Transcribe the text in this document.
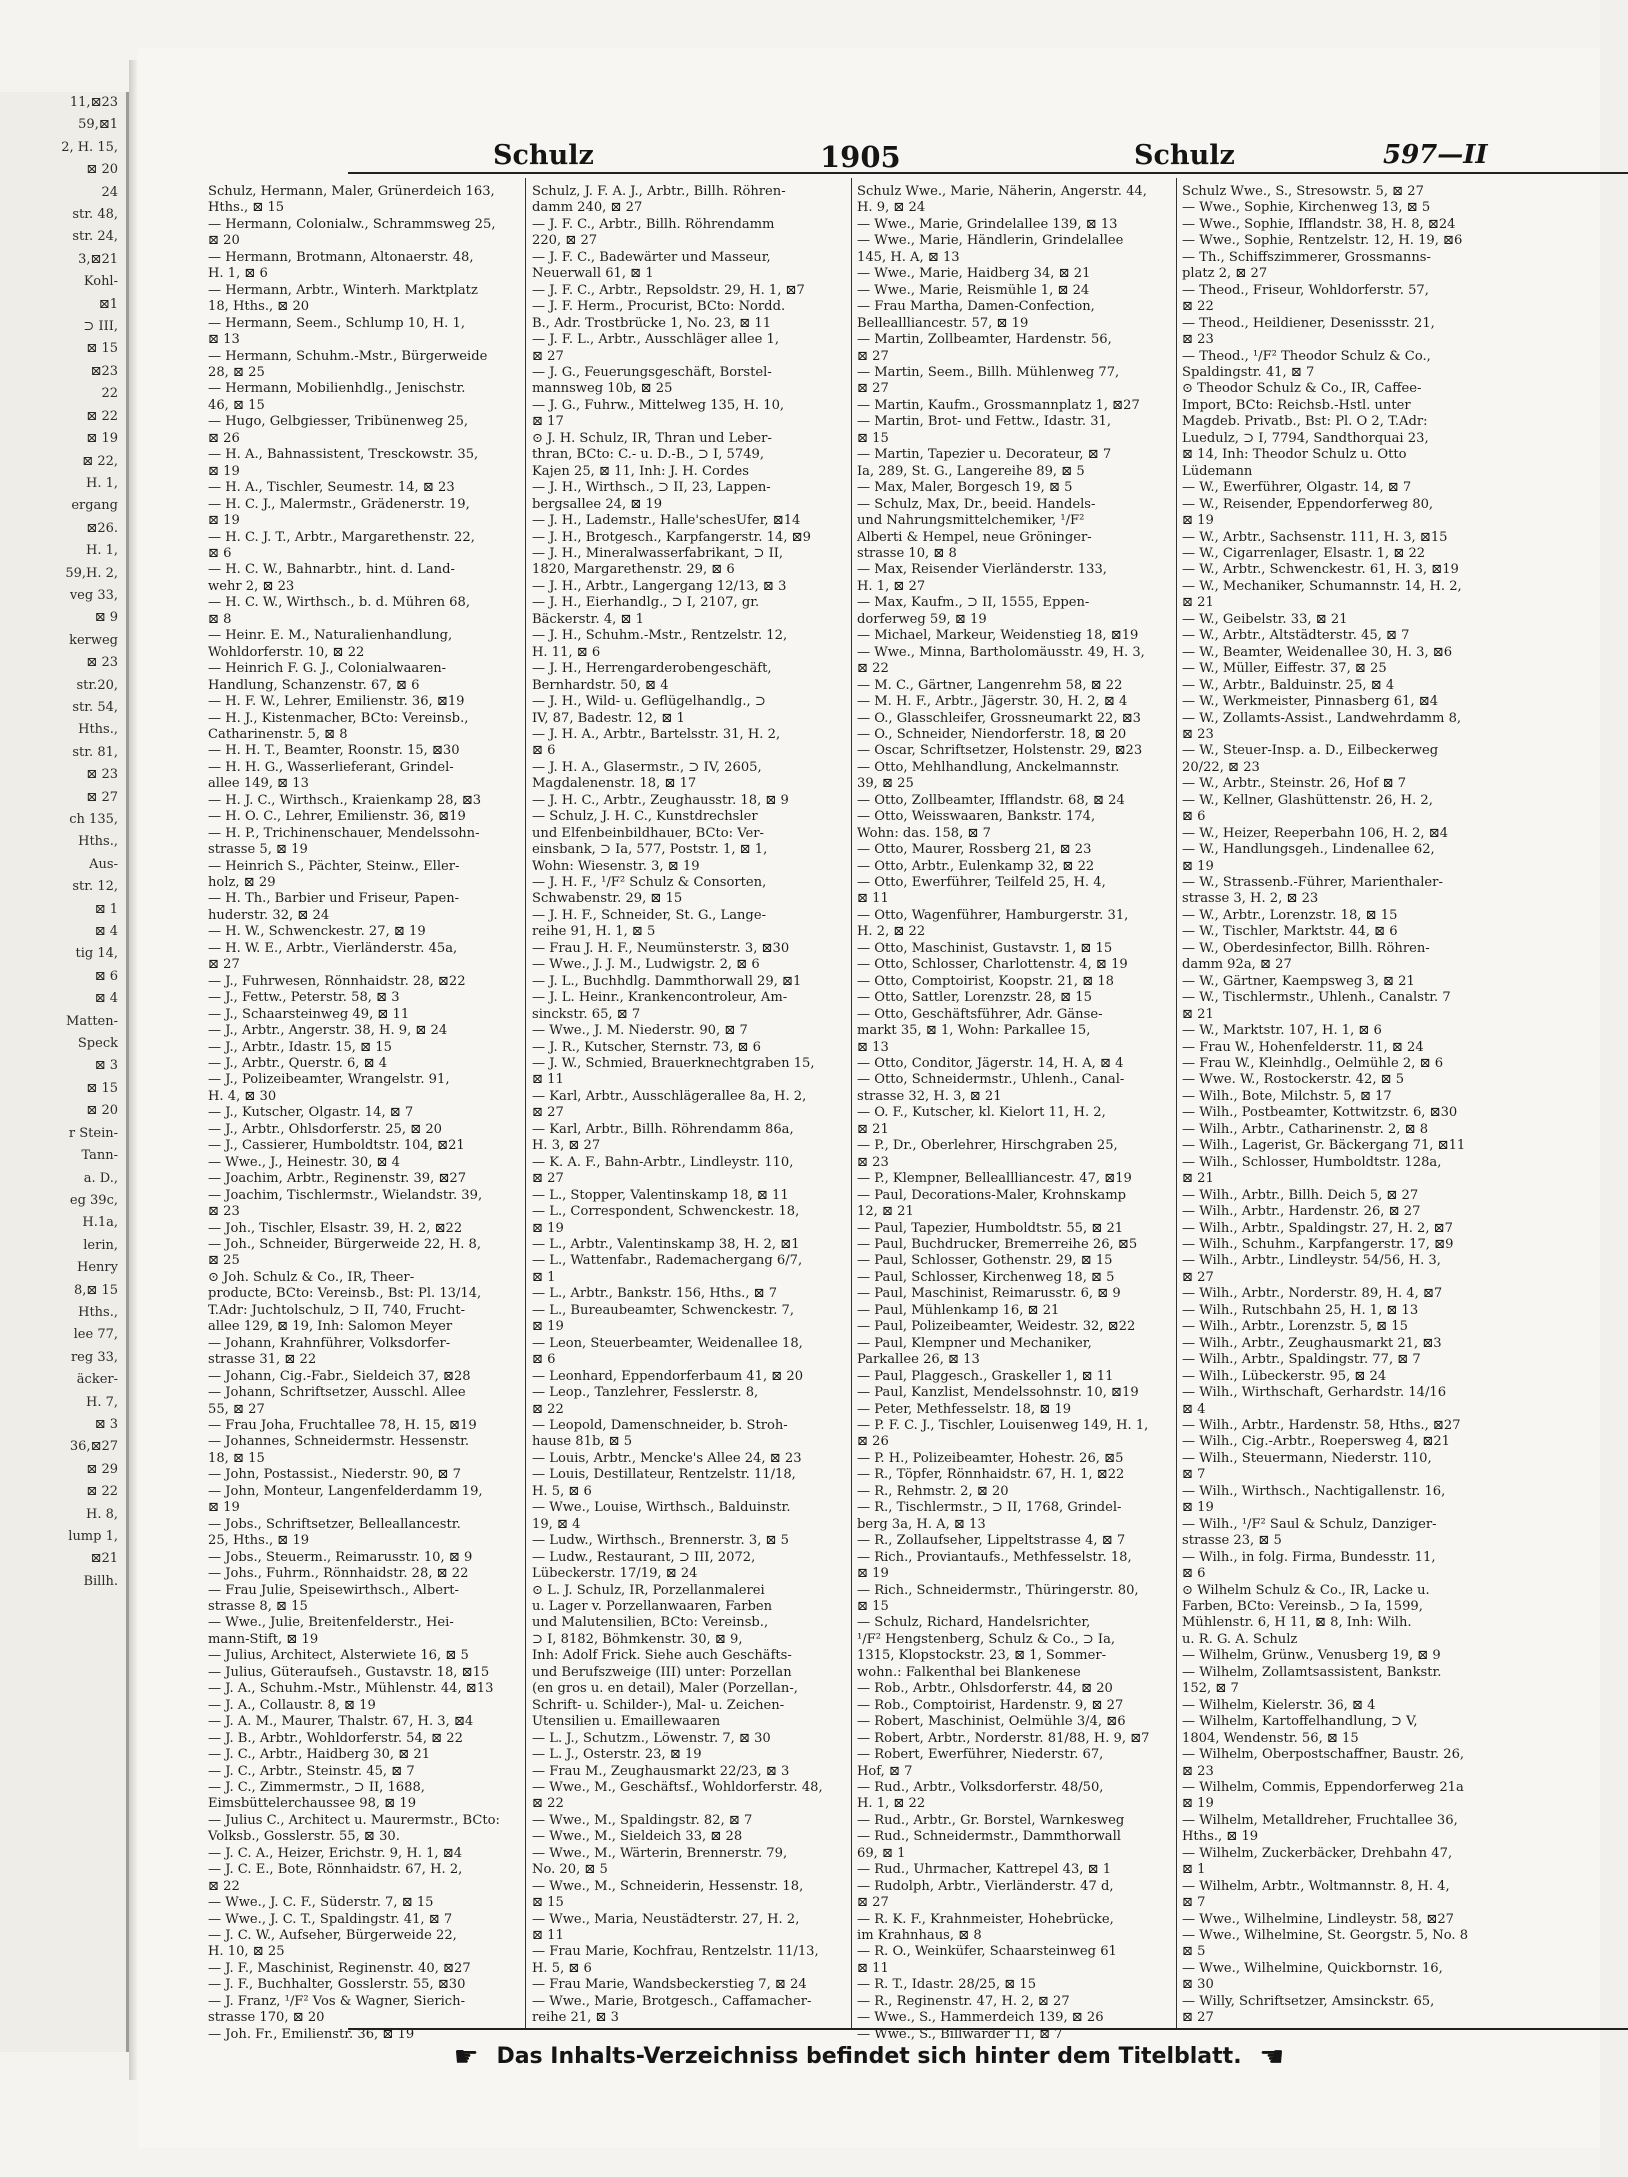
11,⊠23
59,⊠1
2, H. 15,
⊠ 20
24
str. 48,
str. 24,
3,⊠21
Kohl-
⊠1
⊃ III,
⊠ 15
⊠23
22
⊠ 22
⊠ 19
⊠ 22,
H. 1,
ergang
⊠26.
H. 1,
59,H. 2,
veg 33,
⊠ 9
kerweg
⊠ 23
str.20,
str. 54,
Hths.,
str. 81,
⊠ 23
⊠ 27
ch 135,
Hths.,
Aus-
str. 12,
⊠ 1
⊠ 4
tig 14,
⊠ 6
⊠ 4
Matten-
Speck
⊠ 3
⊠ 15
⊠ 20
r Stein-
Tann-
a. D.,
eg 39c,
H.1a,
lerin,
Henry
8,⊠ 15
Hths.,
lee 77,
reg 33,
äcker-
H. 7,
⊠ 3
36,⊠27
⊠ 29
⊠ 22
H. 8,
lump 1,
⊠21
Billh.
Schulz	1905	Schulz	597—II
Schulz, Hermann, Maler, Grünerdeich 163,
Hths., ⊠ 15
— Hermann, Colonialw., Schrammsweg 25,
⊠ 20
— Hermann, Brotmann, Altonaerstr. 48,
H. 1, ⊠ 6
— Hermann, Arbtr., Winterh. Marktplatz
18, Hths., ⊠ 20
— Hermann, Seem., Schlump 10, H. 1,
⊠ 13
— Hermann, Schuhm.-Mstr., Bürgerweide
28, ⊠ 25
— Hermann, Mobilienhdlg., Jenischstr.
46, ⊠ 15
— Hugo, Gelbgiesser, Tribünenweg 25,
⊠ 26
— H. A., Bahnassistent, Tresckowstr. 35,
⊠ 19
— H. A., Tischler, Seumestr. 14, ⊠ 23
— H. C. J., Malermstr., Grädenerstr. 19,
⊠ 19
— H. C. J. T., Arbtr., Margarethenstr. 22,
⊠ 6
— H. C. W., Bahnarbtr., hint. d. Land-
wehr 2, ⊠ 23
— H. C. W., Wirthsch., b. d. Mühren 68,
⊠ 8
— Heinr. E. M., Naturalienhandlung,
Wohldorferstr. 10, ⊠ 22
— Heinrich F. G. J., Colonialwaaren-
Handlung, Schanzenstr. 67, ⊠ 6
— H. F. W., Lehrer, Emilienstr. 36, ⊠19
— H. J., Kistenmacher, BCto: Vereinsb.,
Catharinenstr. 5, ⊠ 8
— H. H. T., Beamter, Roonstr. 15, ⊠30
— H. H. G., Wasserlieferant, Grindel-
allee 149, ⊠ 13
— H. J. C., Wirthsch., Kraienkamp 28, ⊠3
— H. O. C., Lehrer, Emilienstr. 36, ⊠19
— H. P., Trichinenschauer, Mendelssohn-
strasse 5, ⊠ 19
— Heinrich S., Pächter, Steinw., Eller-
holz, ⊠ 29
— H. Th., Barbier und Friseur, Papen-
huderstr. 32, ⊠ 24
— H. W., Schwenckestr. 27, ⊠ 19
— H. W. E., Arbtr., Vierländerstr. 45a,
⊠ 27
— J., Fuhrwesen, Rönnhaidstr. 28, ⊠22
— J., Fettw., Peterstr. 58, ⊠ 3
— J., Schaarsteinweg 49, ⊠ 11
— J., Arbtr., Angerstr. 38, H. 9, ⊠ 24
— J., Arbtr., Idastr. 15, ⊠ 15
— J., Arbtr., Querstr. 6, ⊠ 4
— J., Polizeibeamter, Wrangelstr. 91,
H. 4, ⊠ 30
— J., Kutscher, Olgastr. 14, ⊠ 7
— J., Arbtr., Ohlsdorferstr. 25, ⊠ 20
— J., Cassierer, Humboldtstr. 104, ⊠21
— Wwe., J., Heinestr. 30, ⊠ 4
— Joachim, Arbtr., Reginenstr. 39, ⊠27
— Joachim, Tischlermstr., Wielandstr. 39,
⊠ 23
— Joh., Tischler, Elsastr. 39, H. 2, ⊠22
— Joh., Schneider, Bürgerweide 22, H. 8,
⊠ 25
⊙ Joh. Schulz & Co., IR, Theer-
producte, BCto: Vereinsb., Bst: Pl. 13/14,
T.Adr: Juchtolschulz, ⊃ II, 740, Frucht-
allee 129, ⊠ 19, Inh: Salomon Meyer
— Johann, Krahnführer, Volksdorfer-
strasse 31, ⊠ 22
— Johann, Cig.-Fabr., Sieldeich 37, ⊠28
— Johann, Schriftsetzer, Ausschl. Allee
55, ⊠ 27
— Frau Joha, Fruchtallee 78, H. 15, ⊠19
— Johannes, Schneidermstr. Hessenstr.
18, ⊠ 15
— John, Postassist., Niederstr. 90, ⊠ 7
— John, Monteur, Langenfelderdamm 19,
⊠ 19
— Jobs., Schriftsetzer, Belleallancestr.
25, Hths., ⊠ 19
— Jobs., Steuerm., Reimarusstr. 10, ⊠ 9
— Johs., Fuhrm., Rönnhaidstr. 28, ⊠ 22
— Frau Julie, Speisewirthsch., Albert-
strasse 8, ⊠ 15
— Wwe., Julie, Breitenfelderstr., Hei-
mann-Stift, ⊠ 19
— Julius, Architect, Alsterwiete 16, ⊠ 5
— Julius, Güteraufseh., Gustavstr. 18, ⊠15
— J. A., Schuhm.-Mstr., Mühlenstr. 44, ⊠13
— J. A., Collaustr. 8, ⊠ 19
— J. A. M., Maurer, Thalstr. 67, H. 3, ⊠4
— J. B., Arbtr., Wohldorferstr. 54, ⊠ 22
— J. C., Arbtr., Haidberg 30, ⊠ 21
— J. C., Arbtr., Steinstr. 45, ⊠ 7
— J. C., Zimmermstr., ⊃ II, 1688,
Eimsbüttelerchaussee 98, ⊠ 19
— Julius C., Architect u. Maurermstr., BCto:
Volksb., Gosslerstr. 55, ⊠ 30.
— J. C. A., Heizer, Erichstr. 9, H. 1, ⊠4
— J. C. E., Bote, Rönnhaidstr. 67, H. 2,
⊠ 22
— Wwe., J. C. F., Süderstr. 7, ⊠ 15
— Wwe., J. C. T., Spaldingstr. 41, ⊠ 7
— J. C. W., Aufseher, Bürgerweide 22,
H. 10, ⊠ 25
— J. F., Maschinist, Reginenstr. 40, ⊠27
— J. F., Buchhalter, Gosslerstr. 55, ⊠30
— J. Franz, ¹/F² Vos & Wagner, Sierich-
strasse 170, ⊠ 20
— Joh. Fr., Emilienstr. 36, ⊠ 19
Schulz, J. F. A. J., Arbtr., Billh. Röhren-
damm 240, ⊠ 27
— J. F. C., Arbtr., Billh. Röhrendamm
220, ⊠ 27
— J. F. C., Badewärter und Masseur,
Neuerwall 61, ⊠ 1
— J. F. C., Arbtr., Repsoldstr. 29, H. 1, ⊠7
— J. F. Herm., Procurist, BCto: Nordd.
B., Adr. Trostbrücke 1, No. 23, ⊠ 11
— J. F. L., Arbtr., Ausschläger allee 1,
⊠ 27
— J. G., Feuerungsgeschäft, Borstel-
mannsweg 10b, ⊠ 25
— J. G., Fuhrw., Mittelweg 135, H. 10,
⊠ 17
⊙ J. H. Schulz, IR, Thran und Leber-
thran, BCto: C.- u. D.-B., ⊃ I, 5749,
Kajen 25, ⊠ 11, Inh: J. H. Cordes
— J. H., Wirthsch., ⊃ II, 23, Lappen-
bergsallee 24, ⊠ 19
— J. H., Lademstr., Halle'schesUfer, ⊠14
— J. H., Brotgesch., Karpfangerstr. 14, ⊠9
— J. H., Mineralwasserfabrikant, ⊃ II,
1820, Margarethenstr. 29, ⊠ 6
— J. H., Arbtr., Langergang 12/13, ⊠ 3
— J. H., Eierhandlg., ⊃ I, 2107, gr.
Bäckerstr. 4, ⊠ 1
— J. H., Schuhm.-Mstr., Rentzelstr. 12,
H. 11, ⊠ 6
— J. H., Herrengarderobengeschäft,
Bernhardstr. 50, ⊠ 4
— J. H., Wild- u. Geflügelhandlg., ⊃
IV, 87, Badestr. 12, ⊠ 1
— J. H. A., Arbtr., Bartelsstr. 31, H. 2,
⊠ 6
— J. H. A., Glasermstr., ⊃ IV, 2605,
Magdalenenstr. 18, ⊠ 17
— J. H. C., Arbtr., Zeughausstr. 18, ⊠ 9
— Schulz, J. H. C., Kunstdrechsler
und Elfenbeinbildhauer, BCto: Ver-
einsbank, ⊃ Ia, 577, Poststr. 1, ⊠ 1,
Wohn: Wiesenstr. 3, ⊠ 19
— J. H. F., ¹/F² Schulz & Consorten,
Schwabenstr. 29, ⊠ 15
— J. H. F., Schneider, St. G., Lange-
reihe 91, H. 1, ⊠ 5
— Frau J. H. F., Neumünsterstr. 3, ⊠30
— Wwe., J. J. M., Ludwigstr. 2, ⊠ 6
— J. L., Buchhdlg. Dammthorwall 29, ⊠1
— J. L. Heinr., Krankencontroleur, Am-
sinckstr. 65, ⊠ 7
— Wwe., J. M. Niederstr. 90, ⊠ 7
— J. R., Kutscher, Sternstr. 73, ⊠ 6
— J. W., Schmied, Brauerknechtgraben 15,
⊠ 11
— Karl, Arbtr., Ausschlägerallee 8a, H. 2,
⊠ 27
— Karl, Arbtr., Billh. Röhrendamm 86a,
H. 3, ⊠ 27
— K. A. F., Bahn-Arbtr., Lindleystr. 110,
⊠ 27
— L., Stopper, Valentinskamp 18, ⊠ 11
— L., Correspondent, Schwenckestr. 18,
⊠ 19
— L., Arbtr., Valentinskamp 38, H. 2, ⊠1
— L., Wattenfabr., Rademachergang 6/7,
⊠ 1
— L., Arbtr., Bankstr. 156, Hths., ⊠ 7
— L., Bureaubeamter, Schwenckestr. 7,
⊠ 19
— Leon, Steuerbeamter, Weidenallee 18,
⊠ 6
— Leonhard, Eppendorferbaum 41, ⊠ 20
— Leop., Tanzlehrer, Fesslerstr. 8,
⊠ 22
— Leopold, Damenschneider, b. Stroh-
hause 81b, ⊠ 5
— Louis, Arbtr., Mencke's Allee 24, ⊠ 23
— Louis, Destillateur, Rentzelstr. 11/18,
H. 5, ⊠ 6
— Wwe., Louise, Wirthsch., Balduinstr.
19, ⊠ 4
— Ludw., Wirthsch., Brennerstr. 3, ⊠ 5
— Ludw., Restaurant, ⊃ III, 2072,
Lübeckerstr. 17/19, ⊠ 24
⊙ L. J. Schulz, IR, Porzellanmalerei
u. Lager v. Porzellanwaaren, Farben
und Malutensilien, BCto: Vereinsb.,
⊃ I, 8182, Böhmkenstr. 30, ⊠ 9,
Inh: Adolf Frick. Siehe auch Geschäfts-
und Berufszweige (III) unter: Porzellan
(en gros u. en detail), Maler (Porzellan-,
Schrift- u. Schilder-), Mal- u. Zeichen-
Utensilien u. Emaillewaaren
— L. J., Schutzm., Löwenstr. 7, ⊠ 30
— L. J., Osterstr. 23, ⊠ 19
— Frau M., Zeughausmarkt 22/23, ⊠ 3
— Wwe., M., Geschäftsf., Wohldorferstr. 48,
⊠ 22
— Wwe., M., Spaldingstr. 82, ⊠ 7
— Wwe., M., Sieldeich 33, ⊠ 28
— Wwe., M., Wärterin, Brennerstr. 79,
No. 20, ⊠ 5
— Wwe., M., Schneiderin, Hessenstr. 18,
⊠ 15
— Wwe., Maria, Neustädterstr. 27, H. 2,
⊠ 11
— Frau Marie, Kochfrau, Rentzelstr. 11/13,
H. 5, ⊠ 6
— Frau Marie, Wandsbeckerstieg 7, ⊠ 24
— Wwe., Marie, Brotgesch., Caffamacher-
reihe 21, ⊠ 3
Schulz Wwe., Marie, Näherin, Angerstr. 44,
H. 9, ⊠ 24
— Wwe., Marie, Grindelallee 139, ⊠ 13
— Wwe., Marie, Händlerin, Grindelallee
145, H. A, ⊠ 13
— Wwe., Marie, Haidberg 34, ⊠ 21
— Wwe., Marie, Reismühle 1, ⊠ 24
— Frau Martha, Damen-Confection,
Belleallliancestr. 57, ⊠ 19
— Martin, Zollbeamter, Hardenstr. 56,
⊠ 27
— Martin, Seem., Billh. Mühlenweg 77,
⊠ 27
— Martin, Kaufm., Grossmannplatz 1, ⊠27
— Martin, Brot- und Fettw., Idastr. 31,
⊠ 15
— Martin, Tapezier u. Decorateur, ⊠ 7
Ia, 289, St. G., Langereihe 89, ⊠ 5
— Max, Maler, Borgesch 19, ⊠ 5
— Schulz, Max, Dr., beeid. Handels-
und Nahrungsmittelchemiker, ¹/F²
Alberti & Hempel, neue Gröninger-
strasse 10, ⊠ 8
— Max, Reisender Vierländerstr. 133,
H. 1, ⊠ 27
— Max, Kaufm., ⊃ II, 1555, Eppen-
dorferweg 59, ⊠ 19
— Michael, Markeur, Weidenstieg 18, ⊠19
— Wwe., Minna, Bartholomäusstr. 49, H. 3,
⊠ 22
— M. C., Gärtner, Langenrehm 58, ⊠ 22
— M. H. F., Arbtr., Jägerstr. 30, H. 2, ⊠ 4
— O., Glasschleifer, Grossneumarkt 22, ⊠3
— O., Schneider, Niendorferstr. 18, ⊠ 20
— Oscar, Schriftsetzer, Holstenstr. 29, ⊠23
— Otto, Mehlhandlung, Anckelmannstr.
39, ⊠ 25
— Otto, Zollbeamter, Ifflandstr. 68, ⊠ 24
— Otto, Weisswaaren, Bankstr. 174,
Wohn: das. 158, ⊠ 7
— Otto, Maurer, Rossberg 21, ⊠ 23
— Otto, Arbtr., Eulenkamp 32, ⊠ 22
— Otto, Ewerführer, Teilfeld 25, H. 4,
⊠ 11
— Otto, Wagenführer, Hamburgerstr. 31,
H. 2, ⊠ 22
— Otto, Maschinist, Gustavstr. 1, ⊠ 15
— Otto, Schlosser, Charlottenstr. 4, ⊠ 19
— Otto, Comptoirist, Koopstr. 21, ⊠ 18
— Otto, Sattler, Lorenzstr. 28, ⊠ 15
— Otto, Geschäftsführer, Adr. Gänse-
markt 35, ⊠ 1, Wohn: Parkallee 15,
⊠ 13
— Otto, Conditor, Jägerstr. 14, H. A, ⊠ 4
— Otto, Schneidermstr., Uhlenh., Canal-
strasse 32, H. 3, ⊠ 21
— O. F., Kutscher, kl. Kielort 11, H. 2,
⊠ 21
— P., Dr., Oberlehrer, Hirschgraben 25,
⊠ 23
— P., Klempner, Belleallliancestr. 47, ⊠19
— Paul, Decorations-Maler, Krohnskamp
12, ⊠ 21
— Paul, Tapezier, Humboldtstr. 55, ⊠ 21
— Paul, Buchdrucker, Bremerreihe 26, ⊠5
— Paul, Schlosser, Gothenstr. 29, ⊠ 15
— Paul, Schlosser, Kirchenweg 18, ⊠ 5
— Paul, Maschinist, Reimarusstr. 6, ⊠ 9
— Paul, Mühlenkamp 16, ⊠ 21
— Paul, Polizeibeamter, Weidestr. 32, ⊠22
— Paul, Klempner und Mechaniker,
Parkallee 26, ⊠ 13
— Paul, Plaggesch., Graskeller 1, ⊠ 11
— Paul, Kanzlist, Mendelssohnstr. 10, ⊠19
— Peter, Methfesselstr. 18, ⊠ 19
— P. F. C. J., Tischler, Louisenweg 149, H. 1,
⊠ 26
— P. H., Polizeibeamter, Hohestr. 26, ⊠5
— R., Töpfer, Rönnhaidstr. 67, H. 1, ⊠22
— R., Rehmstr. 2, ⊠ 20
— R., Tischlermstr., ⊃ II, 1768, Grindel-
berg 3a, H. A, ⊠ 13
— R., Zollaufseher, Lippeltstrasse 4, ⊠ 7
— Rich., Proviantaufs., Methfesselstr. 18,
⊠ 19
— Rich., Schneidermstr., Thüringerstr. 80,
⊠ 15
— Schulz, Richard, Handelsrichter,
¹/F² Hengstenberg, Schulz & Co., ⊃ Ia,
1315, Klopstockstr. 23, ⊠ 1, Sommer-
wohn.: Falkenthal bei Blankenese
— Rob., Arbtr., Ohlsdorferstr. 44, ⊠ 20
— Rob., Comptoirist, Hardenstr. 9, ⊠ 27
— Robert, Maschinist, Oelmühle 3/4, ⊠6
— Robert, Arbtr., Norderstr. 81/88, H. 9, ⊠7
— Robert, Ewerführer, Niederstr. 67,
Hof, ⊠ 7
— Rud., Arbtr., Volksdorferstr. 48/50,
H. 1, ⊠ 22
— Rud., Arbtr., Gr. Borstel, Warnkesweg
— Rud., Schneidermstr., Dammthorwall
69, ⊠ 1
— Rud., Uhrmacher, Kattrepel 43, ⊠ 1
— Rudolph, Arbtr., Vierländerstr. 47 d,
⊠ 27
— R. K. F., Krahnmeister, Hohebrücke,
im Krahnhaus, ⊠ 8
— R. O., Weinküfer, Schaarsteinweg 61
⊠ 11
— R. T., Idastr. 28/25, ⊠ 15
— R., Reginenstr. 47, H. 2, ⊠ 27
— Wwe., S., Hammerdeich 139, ⊠ 26
— Wwe., S., Billwärder 11, ⊠ 7
Schulz Wwe., S., Stresowstr. 5, ⊠ 27
— Wwe., Sophie, Kirchenweg 13, ⊠ 5
— Wwe., Sophie, Ifflandstr. 38, H. 8, ⊠24
— Wwe., Sophie, Rentzelstr. 12, H. 19, ⊠6
— Th., Schiffszimmerer, Grossmanns-
platz 2, ⊠ 27
— Theod., Friseur, Wohldorferstr. 57,
⊠ 22
— Theod., Heildiener, Desenissstr. 21,
⊠ 23
— Theod., ¹/F² Theodor Schulz & Co.,
Spaldingstr. 41, ⊠ 7
⊙ Theodor Schulz & Co., IR, Caffee-
Import, BCto: Reichsb.-Hstl. unter
Magdeb. Privatb., Bst: Pl. O 2, T.Adr:
Luedulz, ⊃ I, 7794, Sandthorquai 23,
⊠ 14, Inh: Theodor Schulz u. Otto
Lüdemann
— W., Ewerführer, Olgastr. 14, ⊠ 7
— W., Reisender, Eppendorferweg 80,
⊠ 19
— W., Arbtr., Sachsenstr. 111, H. 3, ⊠15
— W., Cigarrenlager, Elsastr. 1, ⊠ 22
— W., Arbtr., Schwenckestr. 61, H. 3, ⊠19
— W., Mechaniker, Schumannstr. 14, H. 2,
⊠ 21
— W., Geibelstr. 33, ⊠ 21
— W., Arbtr., Altstädterstr. 45, ⊠ 7
— W., Beamter, Weidenallee 30, H. 3, ⊠6
— W., Müller, Eiffestr. 37, ⊠ 25
— W., Arbtr., Balduinstr. 25, ⊠ 4
— W., Werkmeister, Pinnasberg 61, ⊠4
— W., Zollamts-Assist., Landwehrdamm 8,
⊠ 23
— W., Steuer-Insp. a. D., Eilbeckerweg
20/22, ⊠ 23
— W., Arbtr., Steinstr. 26, Hof ⊠ 7
— W., Kellner, Glashüttenstr. 26, H. 2,
⊠ 6
— W., Heizer, Reeperbahn 106, H. 2, ⊠4
— W., Handlungsgeh., Lindenallee 62,
⊠ 19
— W., Strassenb.-Führer, Marienthaler-
strasse 3, H. 2, ⊠ 23
— W., Arbtr., Lorenzstr. 18, ⊠ 15
— W., Tischler, Marktstr. 44, ⊠ 6
— W., Oberdesinfector, Billh. Röhren-
damm 92a, ⊠ 27
— W., Gärtner, Kaempsweg 3, ⊠ 21
— W., Tischlermstr., Uhlenh., Canalstr. 7
⊠ 21
— W., Marktstr. 107, H. 1, ⊠ 6
— Frau W., Hohenfelderstr. 11, ⊠ 24
— Frau W., Kleinhdlg., Oelmühle 2, ⊠ 6
— Wwe. W., Rostockerstr. 42, ⊠ 5
— Wilh., Bote, Milchstr. 5, ⊠ 17
— Wilh., Postbeamter, Kottwitzstr. 6, ⊠30
— Wilh., Arbtr., Catharinenstr. 2, ⊠ 8
— Wilh., Lagerist, Gr. Bäckergang 71, ⊠11
— Wilh., Schlosser, Humboldtstr. 128a,
⊠ 21
— Wilh., Arbtr., Billh. Deich 5, ⊠ 27
— Wilh., Arbtr., Hardenstr. 26, ⊠ 27
— Wilh., Arbtr., Spaldingstr. 27, H. 2, ⊠7
— Wilh., Schuhm., Karpfangerstr. 17, ⊠9
— Wilh., Arbtr., Lindleystr. 54/56, H. 3,
⊠ 27
— Wilh., Arbtr., Norderstr. 89, H. 4, ⊠7
— Wilh., Rutschbahn 25, H. 1, ⊠ 13
— Wilh., Arbtr., Lorenzstr. 5, ⊠ 15
— Wilh., Arbtr., Zeughausmarkt 21, ⊠3
— Wilh., Arbtr., Spaldingstr. 77, ⊠ 7
— Wilh., Lübeckerstr. 95, ⊠ 24
— Wilh., Wirthschaft, Gerhardstr. 14/16
⊠ 4
— Wilh., Arbtr., Hardenstr. 58, Hths., ⊠27
— Wilh., Cig.-Arbtr., Roepersweg 4, ⊠21
— Wilh., Steuermann, Niederstr. 110,
⊠ 7
— Wilh., Wirthsch., Nachtigallenstr. 16,
⊠ 19
— Wilh., ¹/F² Saul & Schulz, Danziger-
strasse 23, ⊠ 5
— Wilh., in folg. Firma, Bundesstr. 11,
⊠ 6
⊙ Wilhelm Schulz & Co., IR, Lacke u.
Farben, BCto: Vereinsb., ⊃ Ia, 1599,
Mühlenstr. 6, H 11, ⊠ 8, Inh: Wilh.
u. R. G. A. Schulz
— Wilhelm, Grünw., Venusberg 19, ⊠ 9
— Wilhelm, Zollamtsassistent, Bankstr.
152, ⊠ 7
— Wilhelm, Kielerstr. 36, ⊠ 4
— Wilhelm, Kartoffelhandlung, ⊃ V,
1804, Wendenstr. 56, ⊠ 15
— Wilhelm, Oberpostschaffner, Baustr. 26,
⊠ 23
— Wilhelm, Commis, Eppendorferweg 21a
⊠ 19
— Wilhelm, Metalldreher, Fruchtallee 36,
Hths., ⊠ 19
— Wilhelm, Zuckerbäcker, Drehbahn 47,
⊠ 1
— Wilhelm, Arbtr., Woltmannstr. 8, H. 4,
⊠ 7
— Wwe., Wilhelmine, Lindleystr. 58, ⊠27
— Wwe., Wilhelmine, St. Georgstr. 5, No. 8
⊠ 5
— Wwe., Wilhelmine, Quickbornstr. 16,
⊠ 30
— Willy, Schriftsetzer, Amsinckstr. 65,
⊠ 27
☛ Das Inhalts-Verzeichniss befindet sich hinter dem Titelblatt. ☚
